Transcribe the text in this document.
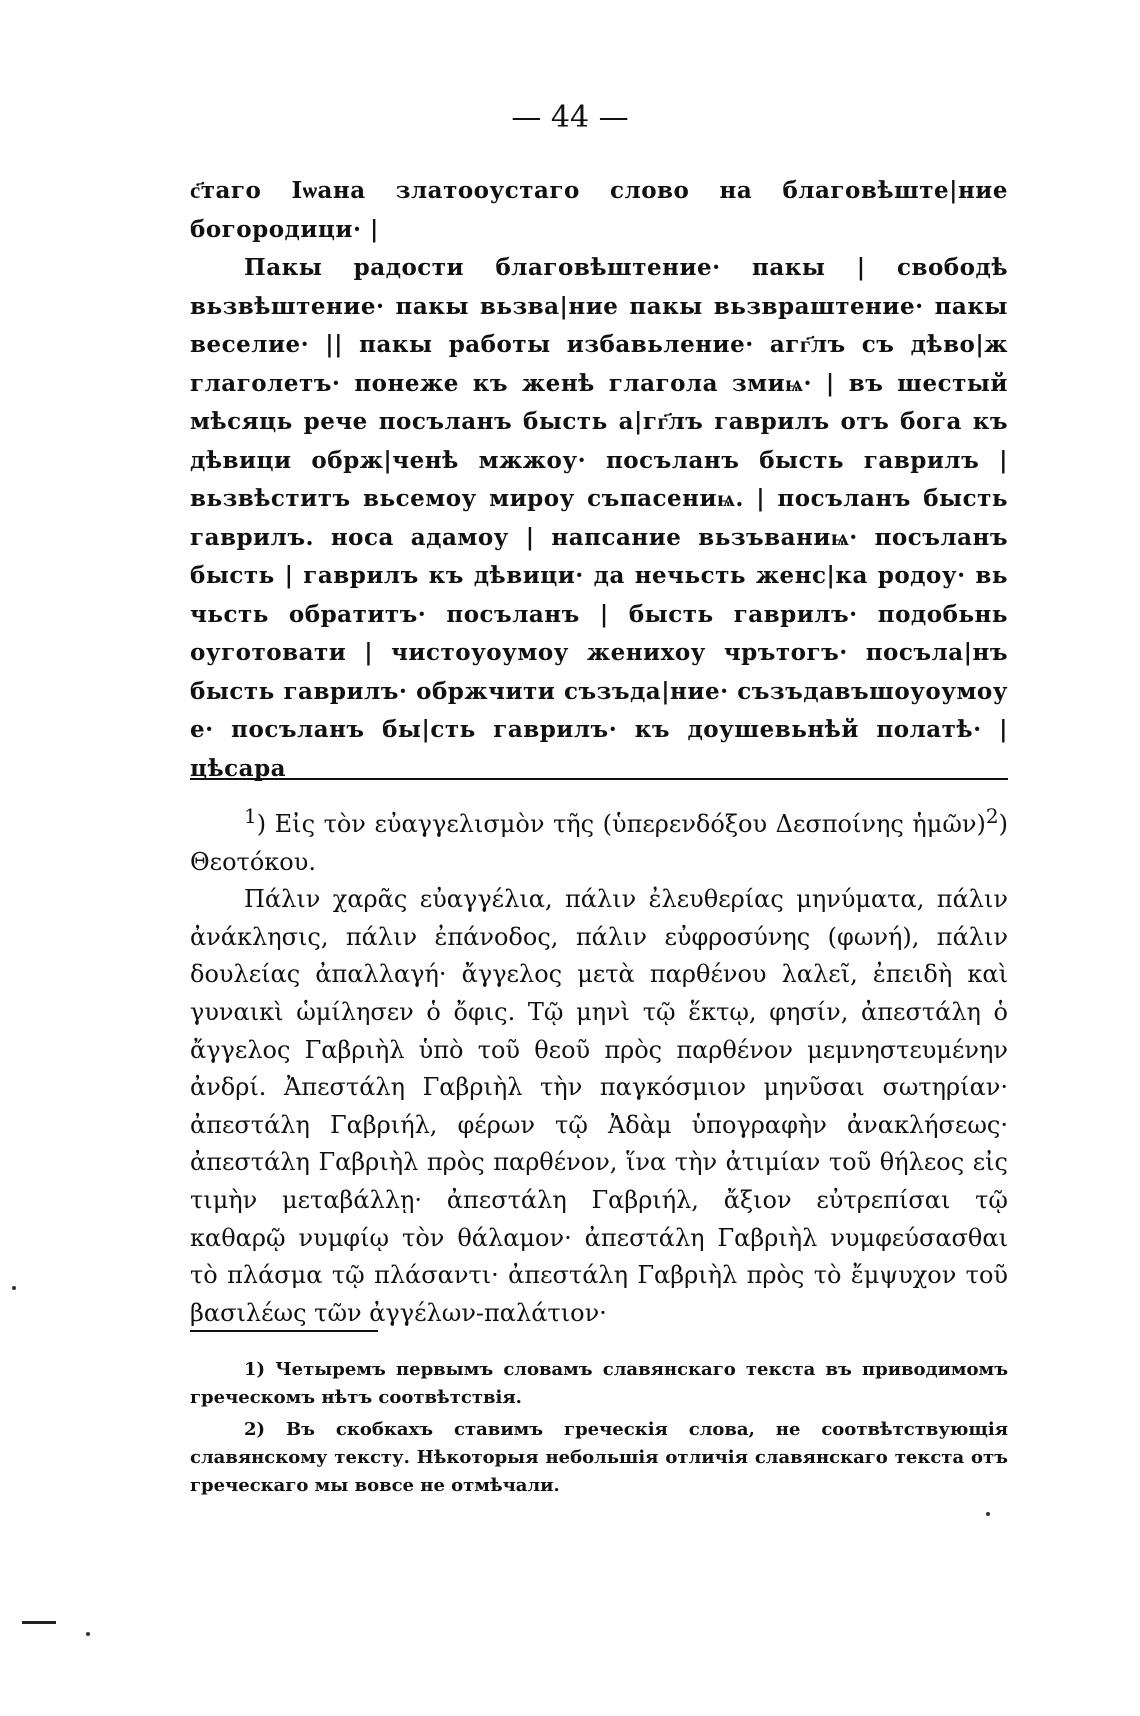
— 44 —

с҃таго Іѡана златооустаго слово на благовѣште|ние богородици· |

Пакы радости благовѣштение· пакы | свободѣ вьзвѣштение· пакы вьзва|ние пакы вьзвраштение· пакы веселие· || пакы работы избавьление· агг҃лъ съ дѣво|ж глаголетъ· понеже къ женѣ глагола змиѩ· | въ шестый мѣсяць рече посъланъ бысть а|гг҃лъ гаврилъ отъ бога къ дѣвици обрж|ченѣ мжжоу· посъланъ бысть гаврилъ | вьзвѣститъ вьсемоу мироу съпасениѩ. | посъланъ бысть гаврилъ. носа адамоу | напсание вьзъваниѩ· посъланъ бысть | гаврилъ къ дѣвици· да нечьсть женс|ка родоу· вь чьсть обратитъ· посъланъ | бысть гаврилъ· подобьнь оуготовати | чистоуоумоу женихоу чрътогъ· посъла|нъ бысть гаврилъ· обржчити съзъда|ние· съзъдавъшоуоумоу е· посъланъ бы|сть гаврилъ· къ доушевьнѣй полатѣ· | цѣсара

$^1$) Εἰς τὸν εὐαγγελισμὸν τῆς (ὑπερενδόξου Δεσποίνης ἡμῶν)$^2$) Θεοτόκου.

Πάλιν χαρᾶς εὐαγγέλια, πάλιν ἐλευθερίας μηνύματα, πάλιν ἀνάκλησις, πάλιν ἐπάνοδος, πάλιν εὐφροσύνης (φωνή), πάλιν δουλείας ἀπαλλαγή· ἄγγελος μετὰ παρθένου λαλεῖ, ἐπειδὴ καὶ γυναικὶ ὡμίλησεν ὁ ὄφις. Τῷ μηνὶ τῷ ἕκτῳ, φησίν, ἀπεστάλη ὁ ἄγγελος Γαβριὴλ ὑπὸ τοῦ θεοῦ πρὸς παρθένον μεμνηστευμένην ἀνδρί. Ἀπεστάλη Γαβριὴλ τὴν παγκόσμιον μηνῦσαι σωτηρίαν· ἀπεστάλη Γαβριήλ, φέρων τῷ Ἀδὰμ ὑπογραφὴν ἀνακλήσεως· ἀπεστάλη Γαβριὴλ πρὸς παρθένον, ἵνα τὴν ἀτιμίαν τοῦ θήλεος εἰς τιμὴν μεταβάλλῃ· ἀπεστάλη Γαβριήλ, ἄξιον εὐτρεπίσαι τῷ καθαρῷ νυμφίῳ τὸν θάλαμον· ἀπεστάλη Γαβριὴλ νυμφεύσασθαι τὸ πλάσμα τῷ πλάσαντι· ἀπεστάλη Γαβριὴλ πρὸς τὸ ἔμψυχον τοῦ βασιλέως τῶν ἀγγέλων-παλάτιον·

1) Четыремъ первымъ словамъ славянскаго текста въ приводимомъ греческомъ нѣтъ соотвѣтствія.

2) Въ скобкахъ ставимъ греческія слова, не соотвѣтствующія славянскому тексту. Нѣкоторыя небольшія отличія славянскаго текста отъ греческаго мы вовсе не отмѣчали.
